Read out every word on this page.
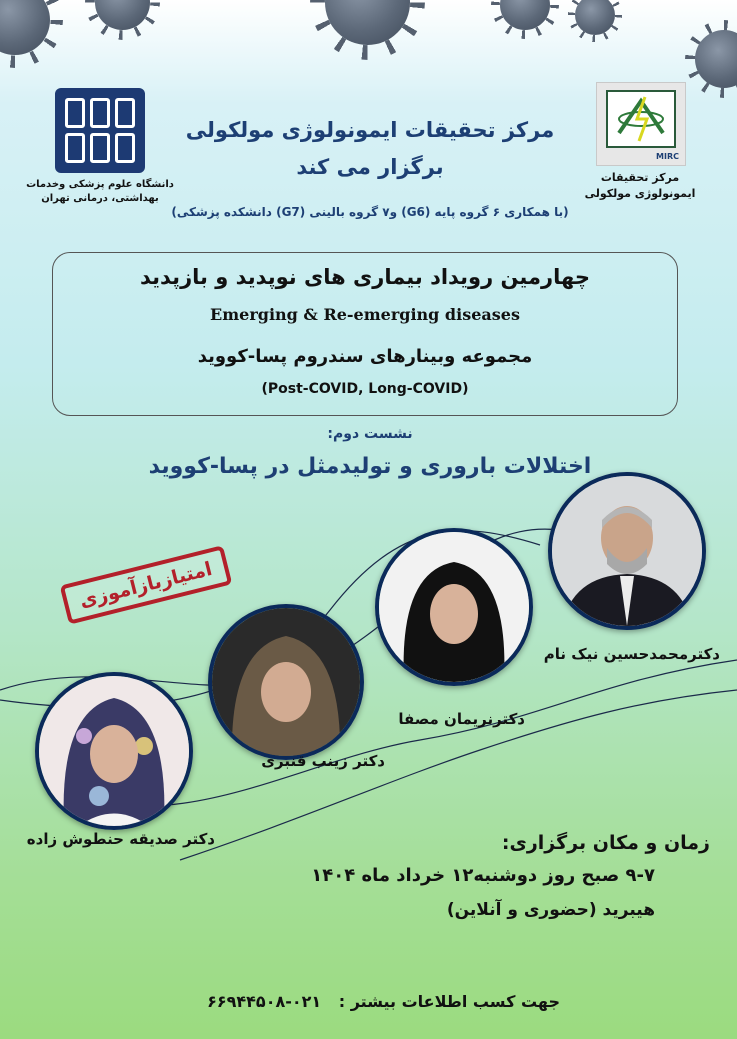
دانشگاه علوم پزشکی وخدمات
بهداشتی، درمانی تهران
MIRC
مرکز تحقیقات
ایمونولوژی مولکولی
مرکز تحقیقات ایمونولوژی مولکولی
برگزار می کند
(با همکاری ۶ گروه پایه (G6) و۷ گروه بالینی (G7) دانشکده پزشکی)
چهارمین رویداد بیماری های نوپدید و بازپدید
Emerging & Re-emerging diseases
مجموعه وبینارهای سندروم پسا-کووید
(Post-COVID, Long-COVID)
نشست دوم:
اختلالات باروری و تولیدمثل در پسا-کووید
امتیازبازآموزی
دکترمحمدحسین نیک نام
دکترنریمان مصفا
دکتر زینب قنبری
دکتر صدیقه حنطوش زاده	زمان و مکان برگزاری:
۹-۷ صبح روز دوشنبه۱۲ خرداد ماه ۱۴۰۴
هیبرید (حضوری و آنلاین)
جهت کسب اطلاعات بیشتر : ۰۲۱-۶۶۹۴۴۵۰۸
